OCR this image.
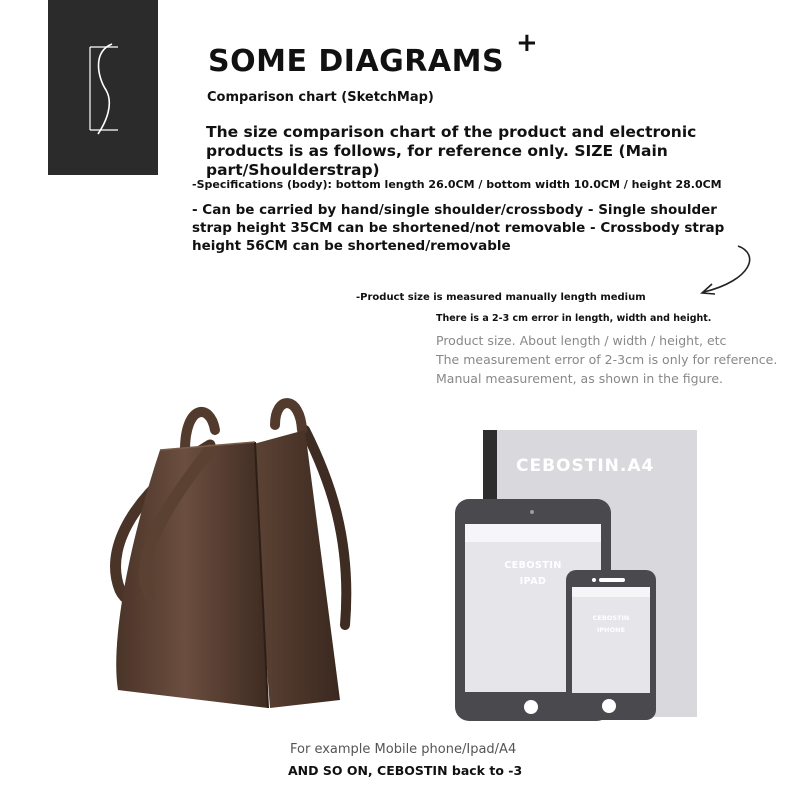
SOME DIAGRAMS
+
Comparison chart (SketchMap)
The size comparison chart of the product and electronic products is as follows, for reference only. SIZE (Main part/Shoulderstrap)
-Specifications (body): bottom length 26.0CM / bottom width 10.0CM / height 28.0CM
- Can be carried by hand/single shoulder/crossbody - Single shoulder strap height 35CM can be shortened/not removable - Crossbody strap height 56CM can be shortened/removable
-Product size is measured manually length medium
There is a 2-3 cm error in length, width and height.
Product size. About length / width / height, etc
The measurement error of 2-3cm is only for reference.
Manual measurement, as shown in the figure.
CEBOSTIN.A4
CEBOSTIN
IPAD
CEBOSTIN
IPHONE
For example Mobile phone/Ipad/A4
AND SO ON, CEBOSTIN back to -3
